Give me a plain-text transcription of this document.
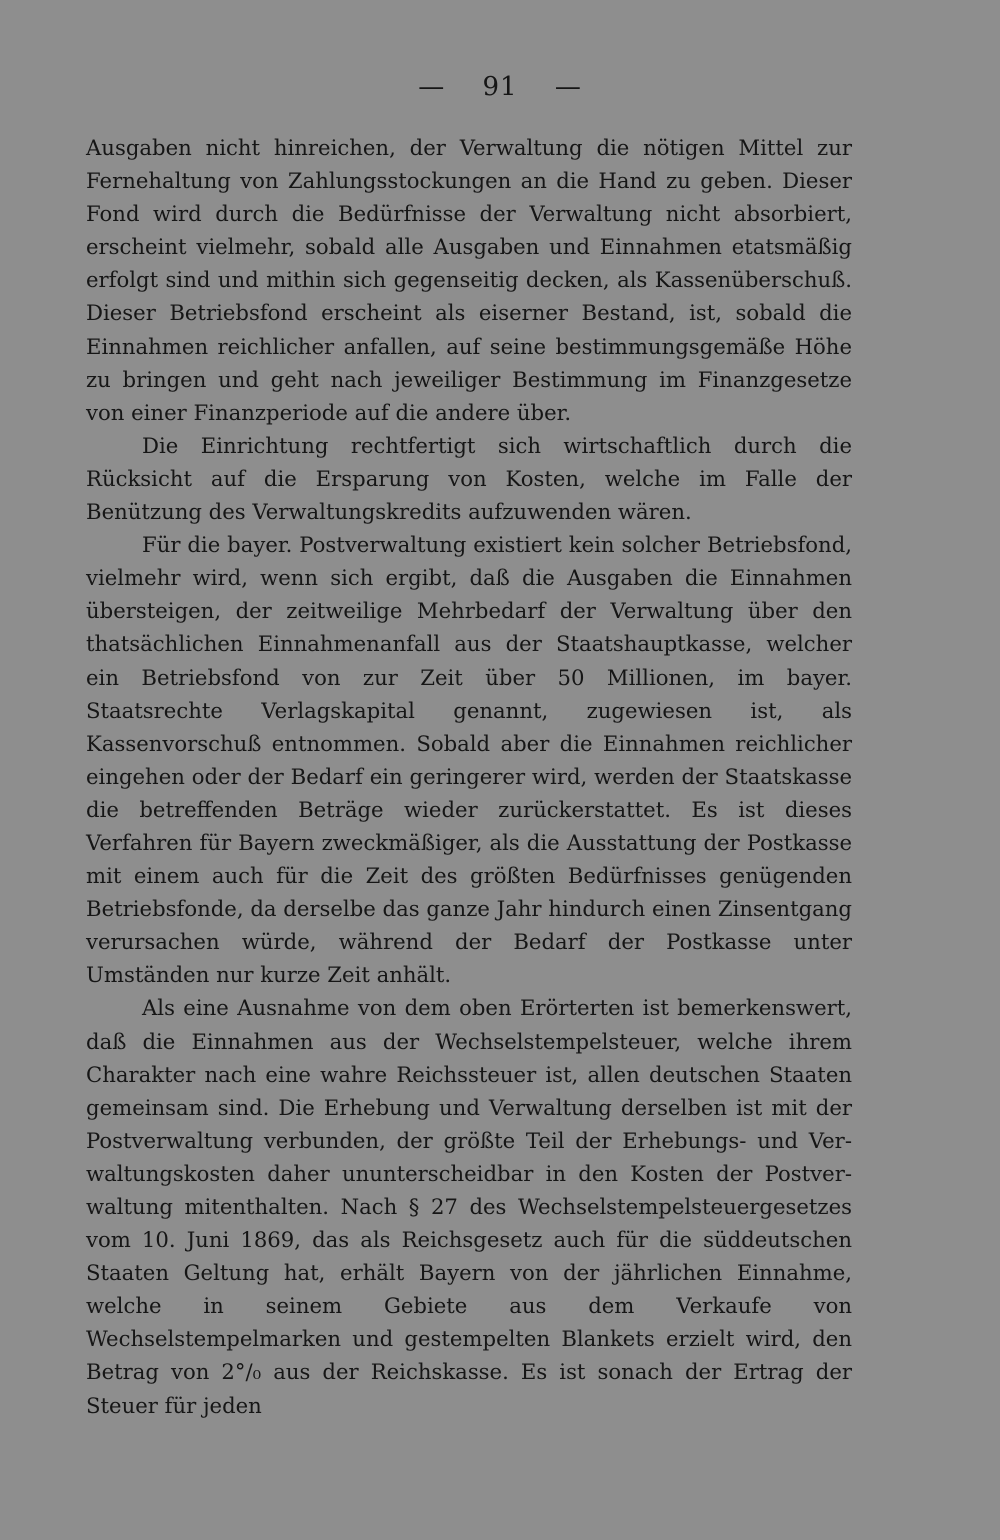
— 91 —

Ausgaben nicht hinreichen, der Verwaltung die nötigen Mittel zur Fernehaltung von Zahlungsstockungen an die Hand zu geben. Dieser Fond wird durch die Bedürfnisse der Verwaltung nicht absorbiert, erscheint vielmehr, sobald alle Ausgaben und Einnahmen etatsmäßig erfolgt sind und mithin sich gegenseitig decken, als Kassenüberschuß. Dieser Betriebsfond erscheint als eiserner Bestand, ist, sobald die Einnahmen reichlicher anfallen, auf seine bestimmungsgemäße Höhe zu bringen und geht nach jeweiliger Bestimmung im Finanzgesetze von einer Finanzperiode auf die andere über.

Die Einrichtung rechtfertigt sich wirtschaftlich durch die Rücksicht auf die Ersparung von Kosten, welche im Falle der Benützung des Verwaltungskredits aufzuwenden wären.

Für die bayer. Postverwaltung existiert kein solcher Betriebsfond, vielmehr wird, wenn sich ergibt, daß die Ausgaben die Einnahmen übersteigen, der zeitweilige Mehrbedarf der Verwaltung über den thatsächlichen Einnahmenanfall aus der Staatshauptkasse, welcher ein Betriebsfond von zur Zeit über 50 Millionen, im bayer. Staatsrechte Verlagskapital genannt, zugewiesen ist, als Kassenvorschuß entnommen. Sobald aber die Einnahmen reichlicher eingehen oder der Bedarf ein geringerer wird, werden der Staatskasse die betreffenden Beträge wieder zurückerstattet. Es ist dieses Verfahren für Bayern zweckmäßiger, als die Ausstattung der Postkasse mit einem auch für die Zeit des größten Bedürfnisses genügenden Betriebsfonde, da derselbe das ganze Jahr hindurch einen Zinsentgang verursachen würde, während der Bedarf der Postkasse unter Umständen nur kurze Zeit anhält.

Als eine Ausnahme von dem oben Erörterten ist bemerkenswert, daß die Einnahmen aus der Wechselstempelsteuer, welche ihrem Charakter nach eine wahre Reichssteuer ist, allen deutschen Staaten gemeinsam sind. Die Erhebung und Verwaltung derselben ist mit der Postverwaltung verbunden, der größte Teil der Erhebungs- und Verwaltungskosten daher ununterscheidbar in den Kosten der Postverwaltung mitenthalten. Nach § 27 des Wechselstempelsteuergesetzes vom 10. Juni 1869, das als Reichsgesetz auch für die süddeutschen Staaten Geltung hat, erhält Bayern von der jährlichen Einnahme, welche in seinem Gebiete aus dem Verkaufe von Wechselstempelmarken und gestempelten Blankets erzielt wird, den Betrag von 2°/₀ aus der Reichskasse. Es ist sonach der Ertrag der Steuer für jeden
